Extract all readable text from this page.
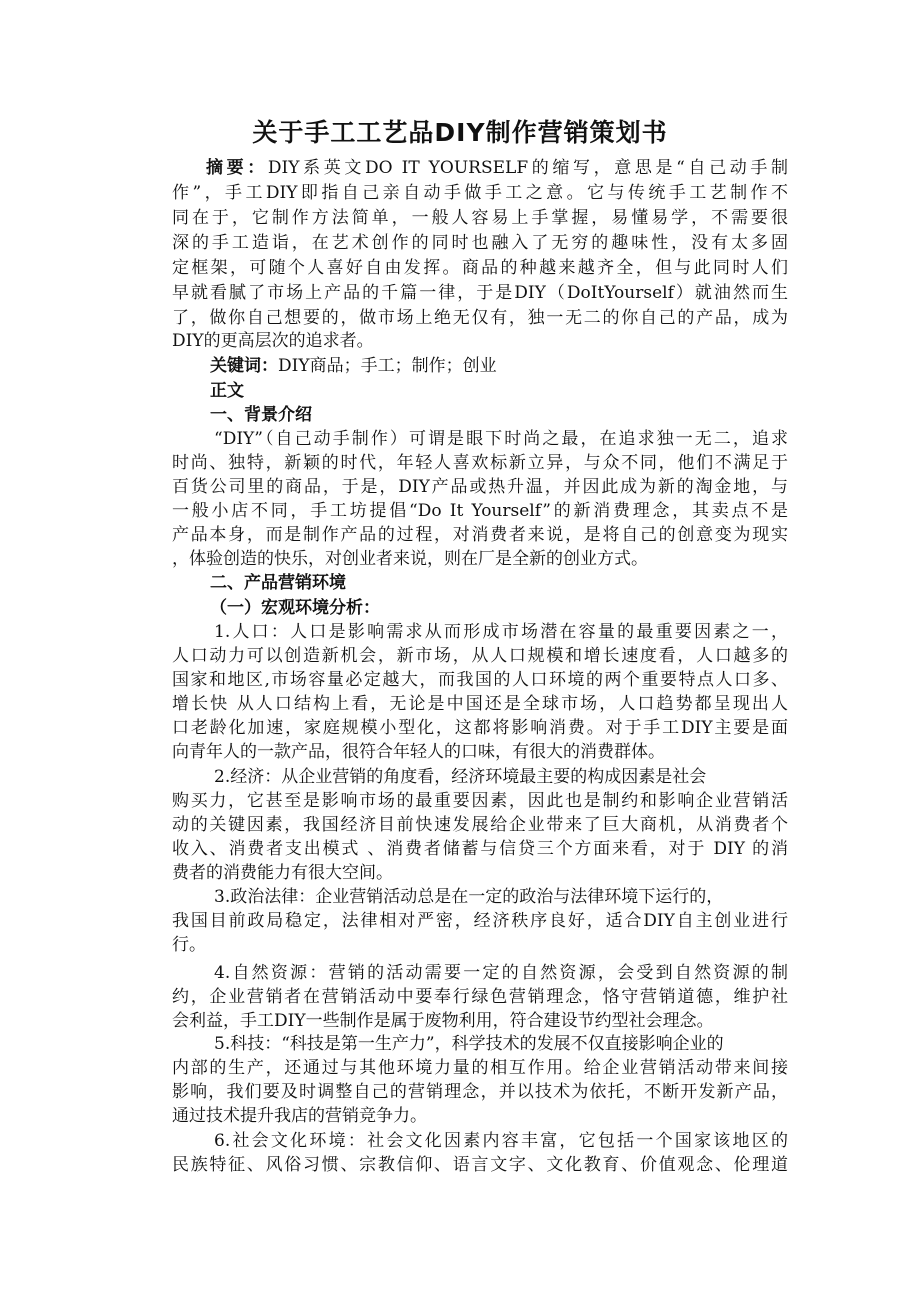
关于手工工艺品DIY制作营销策划书
摘要：DIY系英文DO IT YOURSELF的缩写，意思是“自己动手制
作”，手工DIY即指自己亲自动手做手工之意。它与传统手工艺制作不
同在于，它制作方法简单，一般人容易上手掌握，易懂易学，不需要很
深的手工造诣，在艺术创作的同时也融入了无穷的趣味性，没有太多固
定框架，可随个人喜好自由发挥。商品的种越来越齐全，但与此同时人们
早就看腻了市场上产品的千篇一律，于是DIY（DoItYourself）就油然而生
了，做你自己想要的，做市场上绝无仅有，独一无二的你自己的产品，成为
DIY的更高层次的追求者。
关键词：DIY商品；手工；制作；创业
正文
一、背景介绍
“DIY”（自己动手制作）可谓是眼下时尚之最，在追求独一无二，追求
时尚、独特，新颖的时代，年轻人喜欢标新立异，与众不同，他们不满足于
百货公司里的商品，于是，DIY产品或热升温，并因此成为新的淘金地，与
一般小店不同，手工坊提倡“Do It Yourself”的新消费理念，其卖点不是
产品本身，而是制作产品的过程，对消费者来说，是将自己的创意变为现实
，体验创造的快乐，对创业者来说，则在厂是全新的创业方式。
二、产品营销环境
（一）宏观环境分析：
1.人口：人口是影响需求从而形成市场潜在容量的最重要因素之一，
人口动力可以创造新机会，新市场，从人口规模和增长速度看，人口越多的
国家和地区,市场容量必定越大，而我国的人口环境的两个重要特点人口多、
增长快 从人口结构上看，无论是中国还是全球市场，人口趋势都呈现出人
口老龄化加速，家庭规模小型化，这都将影响消费。对于手工DIY主要是面
向青年人的一款产品，很符合年轻人的口味，有很大的消费群体。
2.经济：从企业营销的角度看，经济环境最主要的构成因素是社会
购买力，它甚至是影响市场的最重要因素，因此也是制约和影响企业营销活
动的关键因素，我国经济目前快速发展给企业带来了巨大商机，从消费者个
收入、消费者支出模式 、消费者储蓄与信贷三个方面来看，对于 DIY 的消
费者的消费能力有很大空间。
3.政治法律：企业营销活动总是在一定的政治与法律环境下运行的，
我国目前政局稳定，法律相对严密，经济秩序良好，适合DIY自主创业进行
行。
4.自然资源：营销的活动需要一定的自然资源，会受到自然资源的制
约，企业营销者在营销活动中要奉行绿色营销理念，恪守营销道德，维护社
会利益，手工DIY一些制作是属于废物利用，符合建设节约型社会理念。
5.科技：“科技是第一生产力”，科学技术的发展不仅直接影响企业的
内部的生产，还通过与其他环境力量的相互作用。给企业营销活动带来间接
影响，我们要及时调整自己的营销理念，并以技术为依托，不断开发新产品，
通过技术提升我店的营销竞争力。
6.社会文化环境：社会文化因素内容丰富，它包括一个国家该地区的
民族特征、风俗习惯、宗教信仰、语言文字、文化教育、价值观念、伦理道
